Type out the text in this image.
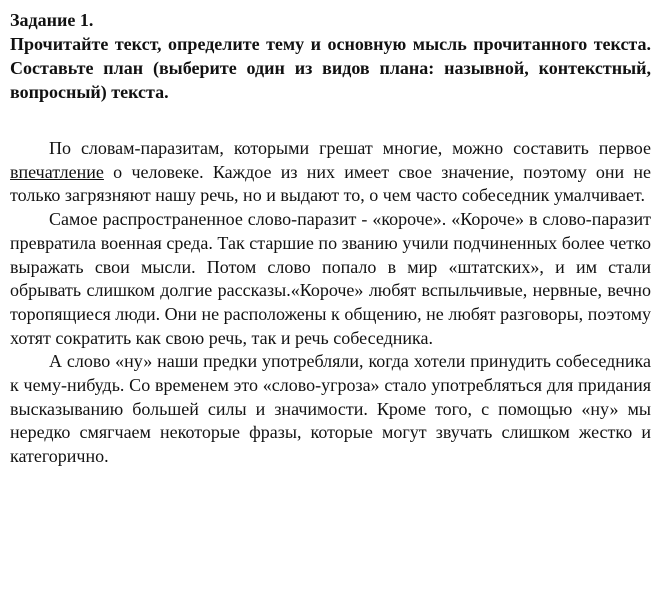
Задание 1.

Прочитайте текст, определите тему и основную мысль прочитанного текста. Составьте план (выберите один из видов плана: назывной, контекстный, вопросный) текста.

По словам-паразитам, которыми грешат многие, можно составить первое впечатление о человеке. Каждое из них имеет свое значение, поэтому они не только загрязняют нашу речь, но и выдают то, о чем часто собеседник умалчивает.

Самое распространенное слово-паразит - «короче». «Короче» в слово-паразит превратила военная среда. Так старшие по званию учили подчиненных более четко выражать свои мысли. Потом слово попало в мир «штатских», и им стали обрывать слишком долгие рассказы.«Короче» любят вспыльчивые, нервные, вечно торопящиеся люди. Они не расположены к общению, не любят разговоры, поэтому хотят сократить как свою речь, так и речь собеседника.

А слово «ну» наши предки употребляли, когда хотели принудить собеседника к чему-нибудь. Со временем это «слово-угроза» стало употребляться для придания высказыванию большей силы и значимости. Кроме того, с помощью «ну» мы нередко смягчаем некоторые фразы, которые могут звучать слишком жестко и категорично.
